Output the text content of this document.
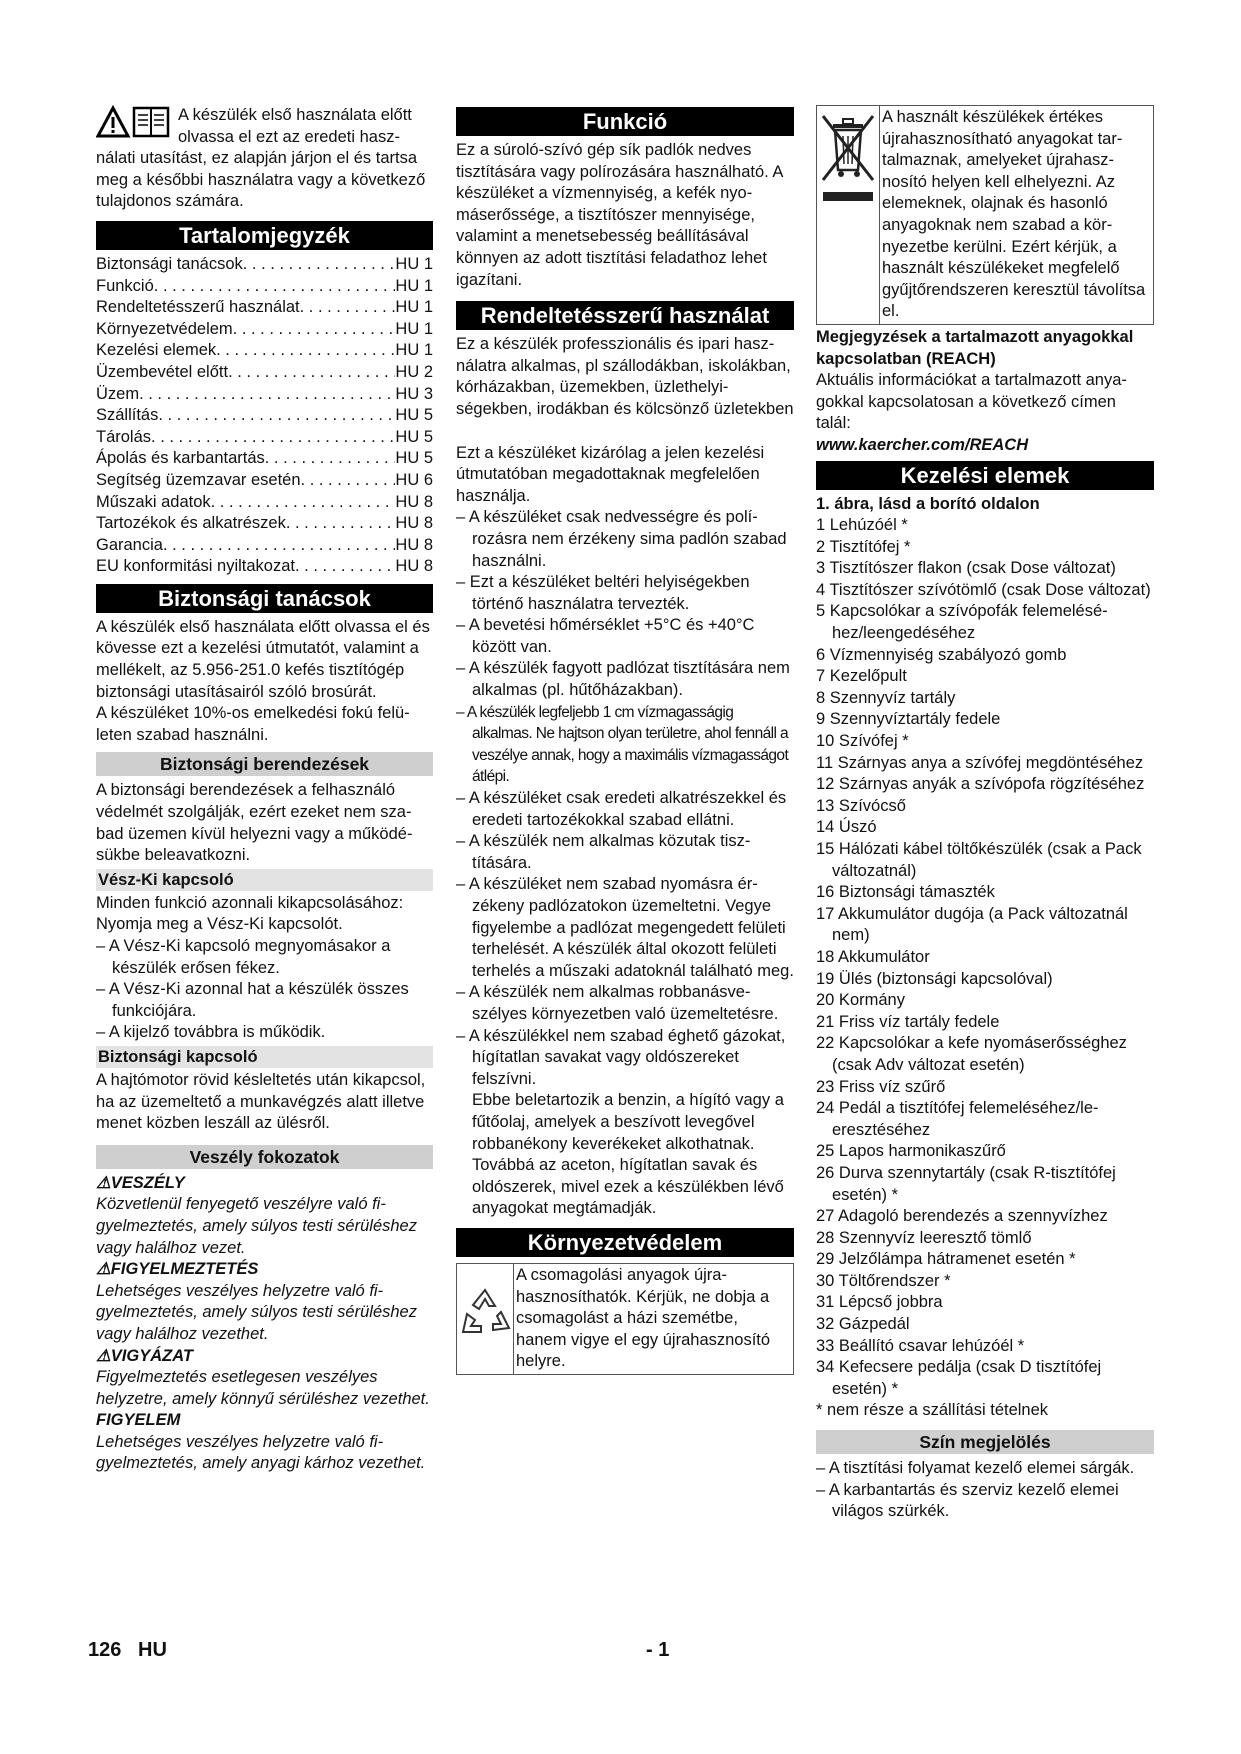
A készülék első használata előtt

olvassa el ezt az eredeti hasz-

nálati utasítást, ez alapján járjon el és tartsa meg a későbbi használatra vagy a következő tulajdonos számára.

Tartalomjegyzék
Biztonsági tanácsok . . .	HU 1
Funkció . . .	HU 1
Rendeltetésszerű használat . . .	HU 1
Környezetvédelem . . .	HU 1
Kezelési elemek . . .	HU 1
Üzembevétel előtt . . .	HU 2
Üzem . . .	HU 3
Szállítás . . .	HU 5
Tárolás . . .	HU 5
Ápolás és karbantartás . . .	HU 5
Segítség üzemzavar esetén . . .	HU 6
Műszaki adatok . . .	HU 8
Tartozékok és alkatrészek . . .	HU 8
Garancia . . .	HU 8
EU konformitási nyiltakozat . . .	HU 8
Biztonsági tanácsok

A készülék első használata előtt olvassa el és kövesse ezt a kezelési útmutatót, valamint a mellékelt, az 5.956-251.0 kefés tisztítógép biztonsági utasításairól szóló brosúrát.

A készüléket 10%-os emelkedési fokú felületen szabad használni.

Biztonsági berendezések

A biztonsági berendezések a felhasználó védelmét szolgálják, ezért ezeket nem szabad üzemen kívül helyezni vagy a működésükbe beleavatkozni.

Vész-Ki kapcsoló

Minden funkció azonnali kikapcsolásához: Nyomja meg a Vész-Ki kapcsolót.

– A Vész-Ki kapcsoló megnyomásakor a készülék erősen fékez.
– A Vész-Ki azonnal hat a készülék összes funkciójára.
– A kijelző továbbra is működik.
Biztonsági kapcsoló

A hajtómotor rövid késleltetés után kikapcsol, ha az üzemeltető a munkavégzés alatt illetve menet közben leszáll az ülésről.

Veszély fokozatok

⚠VESZÉLY

Közvetlenül fenyegető veszélyre való figyelmeztetés, amely súlyos testi sérüléshez vagy halálhoz vezet.

⚠FIGYELMEZTETÉS

Lehetséges veszélyes helyzetre való figyelmeztetés, amely súlyos testi sérüléshez vagy halálhoz vezethet.

⚠VIGYÁZAT

Figyelmeztetés esetlegesen veszélyes helyzetre, amely könnyű sérüléshez vezethet.

FIGYELEM

Lehetséges veszélyes helyzetre való figyelmeztetés, amely anyagi kárhoz vezethet.

Funkció

Ez a súroló-szívó gép sík padlók nedves tisztítására vagy polírozására használható. A készüléket a vízmennyiség, a kefék nyomáserőssége, a tisztítószer mennyisége, valamint a menetsebesség beállításával könnyen az adott tisztítási feladathoz lehet igazítani.

Rendeltetésszerű használat

Ez a készülék professzionális és ipari használatra alkalmas, pl szállodákban, iskolákban, kórházakban, üzemekben, üzlethelyiségekben, irodákban és kölcsönző üzletekben

Ezt a készüléket kizárólag a jelen kezelési útmutatóban megadottaknak megfelelően használja.

– A készüléket csak nedvességre és polírozásra nem érzékeny sima padlón szabad használni.
– Ezt a készüléket beltéri helyiségekben történő használatra tervezték.
– A bevetési hőmérséklet +5°C és +40°C között van.
– A készülék fagyott padlózat tisztítására nem alkalmas (pl. hűtőházakban).
– A készülék legfeljebb 1 cm vízmagasságig alkalmas. Ne hajtson olyan területre, ahol fennáll a veszélye annak, hogy a maximális vízmagasságot átlépi.
– A készüléket csak eredeti alkatrészekkel és eredeti tartozékokkal szabad ellátni.
– A készülék nem alkalmas közutak tisztítására.
– A készüléket nem szabad nyomásra érzékeny padlózatokon üzemeltetni. Vegye figyelembe a padlózat megengedett felületi terhelését. A készülék által okozott felületi terhelés a műszaki adatoknál található meg.
– A készülék nem alkalmas robbanásveszélyes környezetben való üzemeltetésre.
– A készülékkel nem szabad éghető gázokat, hígítatlan savakat vagy oldószereket felszívni.

Ebbe beletartozik a benzin, a hígító vagy a fűtőolaj, amelyek a beszívott levegővel robbanékony keverékeket alkothatnak. Továbbá az aceton, hígítatlan savak és oldószerek, mivel ezek a készülékben lévő anyagokat megtámadják.

Környezetvédelem
A csomagolási anyagok újrahasznosíthatók. Kérjük, ne dobja a csomagolást a házi szemétbe, hanem vigye el egy újrahasznosító helyre.
A használt készülékek értékes újrahasznosítható anyagokat tartalmaznak, amelyeket újrahasznosító helyen kell elhelyezni. Az elemeknek, olajnak és hasonló anyagoknak nem szabad a környezetbe kerülni. Ezért kérjük, a használt készülékeket megfelelő gyűjtőrendszeren keresztül távolítsa el.

Megjegyzések a tartalmazott anyagokkal kapcsolatban (REACH)

Aktuális információkat a tartalmazott anyagokkal kapcsolatosan a következő címen talál:

www.kaercher.com/REACH

Kezelési elemek

1. ábra, lásd a borító oldalon

1 Lehúzóél *
2 Tisztítófej *
3 Tisztítószer flakon (csak Dose változat)
4 Tisztítószer szívótömlő (csak Dose változat)
5 Kapcsolókar a szívópofák felemeléséhez/leengedéséhez
6 Vízmennyiség szabályozó gomb
7 Kezelőpult
8 Szennyvíz tartály
9 Szennyvíztartály fedele
10 Szívófej *
11 Szárnyas anya a szívófej megdöntéséhez
12 Szárnyas anyák a szívópofa rögzítéséhez
13 Szívócső
14 Úszó
15 Hálózati kábel töltőkészülék (csak a Pack változatnál)
16 Biztonsági támaszték
17 Akkumulátor dugója (a Pack változatnál nem)
18 Akkumulátor
19 Ülés (biztonsági kapcsolóval)
20 Kormány
21 Friss víz tartály fedele
22 Kapcsolókar a kefe nyomáserősséghez (csak Adv változat esetén)
23 Friss víz szűrő
24 Pedál a tisztítófej felemeléséhez/leeresztéséhez
25 Lapos harmonikaszűrő
26 Durva szennytartály (csak R-tisztítófej esetén) *
27 Adagoló berendezés a szennyvízhez
28 Szennyvíz leeresztő tömlő
29 Jelzőlámpa hátramenet esetén *
30 Töltőrendszer *
31 Lépcső jobbra
32 Gázpedál
33 Beállító csavar lehúzóél *
34 Kefecsere pedálja (csak D tisztítófej esetén) *

* nem része a szállítási tételnek

Szín megjelölés
– A tisztítási folyamat kezelő elemei sárgák.
– A karbantartás és szerviz kezelő elemei világos szürkék.
126 HU	- 1
